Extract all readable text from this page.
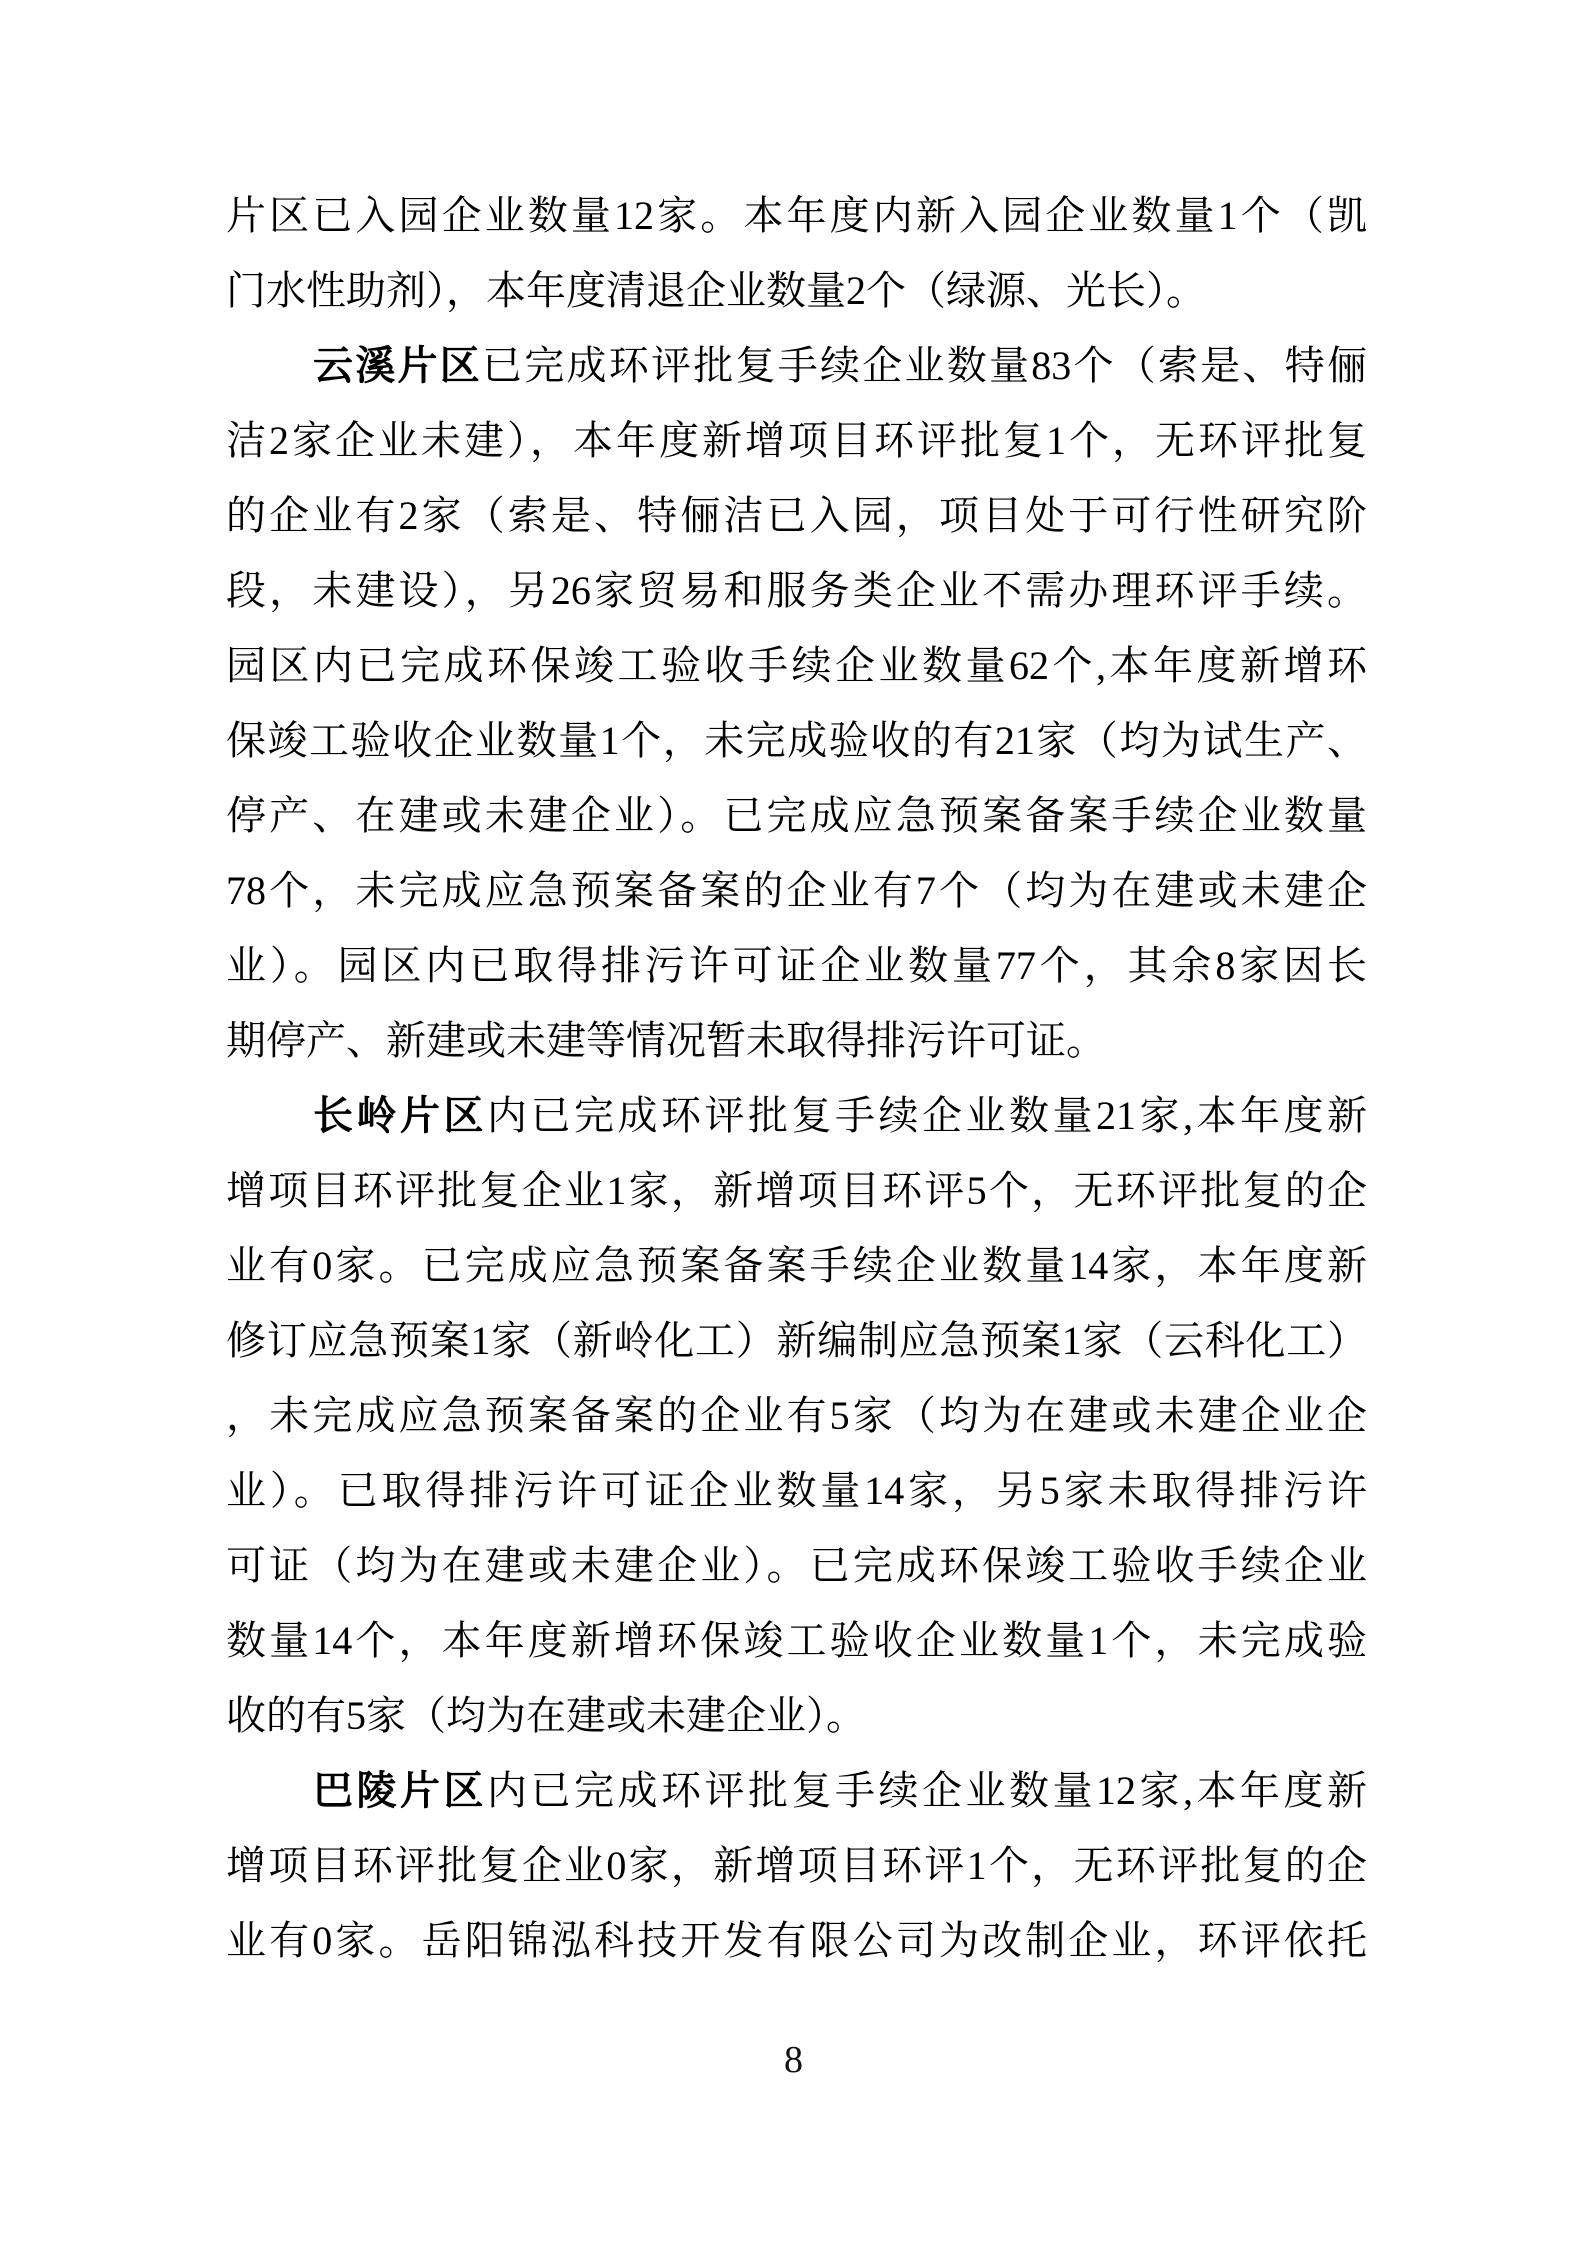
片区已入园企业数量12家。本年度内新入园企业数量1个（凯
门水性助剂），本年度清退企业数量2个（绿源、光长）。
云溪片区已完成环评批复手续企业数量83个（索是、特俪
洁2家企业未建），本年度新增项目环评批复1个，无环评批复
的企业有2家（索是、特俪洁已入园，项目处于可行性研究阶
段，未建设），另26家贸易和服务类企业不需办理环评手续。
园区内已完成环保竣工验收手续企业数量62个,本年度新增环
保竣工验收企业数量1个，未完成验收的有21家（均为试生产、
停产、在建或未建企业）。已完成应急预案备案手续企业数量
78个，未完成应急预案备案的企业有7个（均为在建或未建企
业）。园区内已取得排污许可证企业数量77个，其余8家因长
期停产、新建或未建等情况暂未取得排污许可证。
长岭片区内已完成环评批复手续企业数量21家,本年度新
增项目环评批复企业1家，新增项目环评5个，无环评批复的企
业有0家。已完成应急预案备案手续企业数量14家，本年度新
修订应急预案1家（新岭化工）新编制应急预案1家（云科化工）
，未完成应急预案备案的企业有5家（均为在建或未建企业企
业）。已取得排污许可证企业数量14家，另5家未取得排污许
可证（均为在建或未建企业）。已完成环保竣工验收手续企业
数量14个，本年度新增环保竣工验收企业数量1个，未完成验
收的有5家（均为在建或未建企业）。
巴陵片区内已完成环评批复手续企业数量12家,本年度新
增项目环评批复企业0家，新增项目环评1个，无环评批复的企
业有0家。岳阳锦泓科技开发有限公司为改制企业，环评依托
8
